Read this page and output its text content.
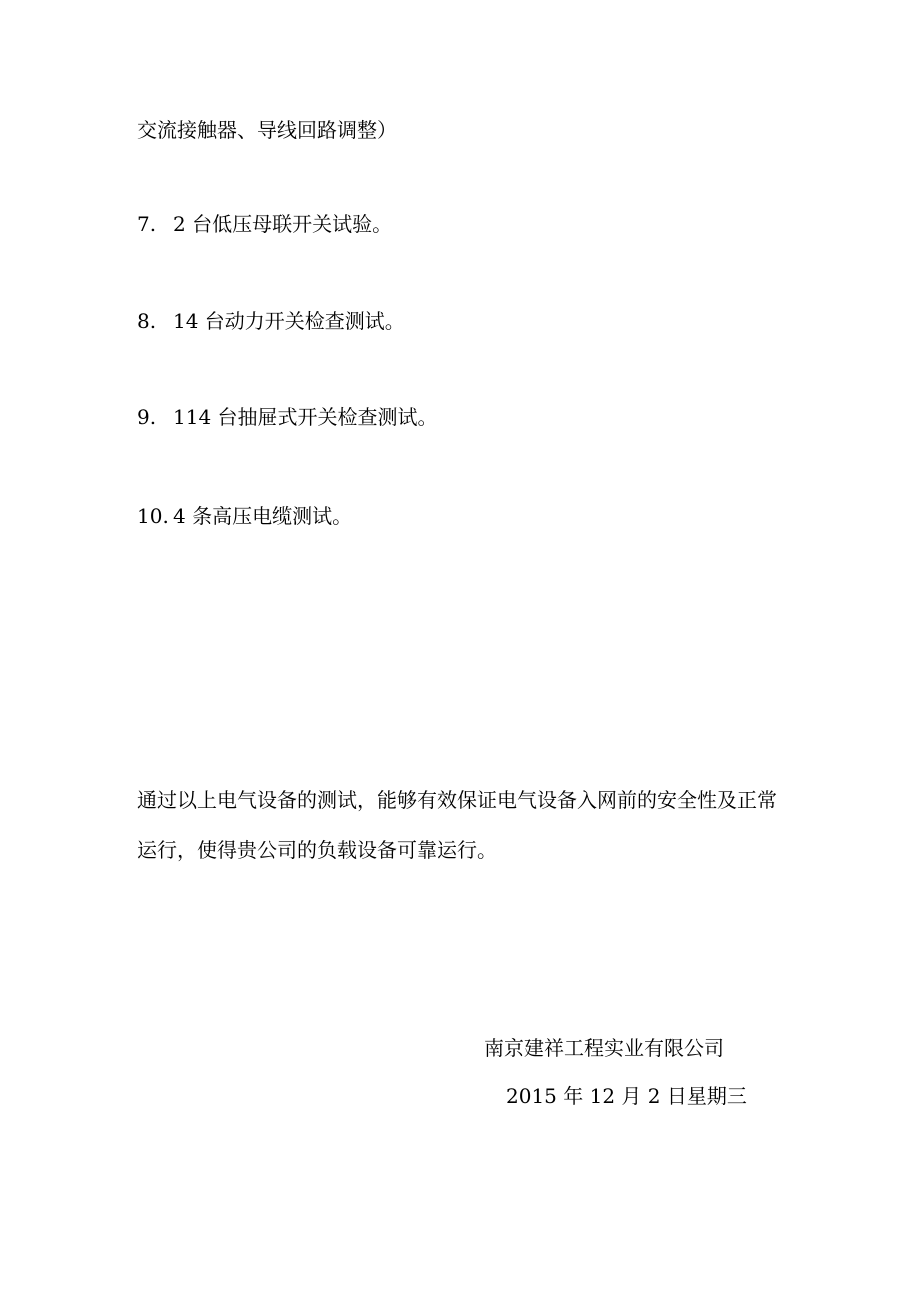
交流接触器、导线回路调整）
7. 2 台低压母联开关试验。
8. 14 台动力开关检查测试。
9. 114 台抽屉式开关检查测试。
10. 4 条高压电缆测试。
通过以上电气设备的测试，能够有效保证电气设备入网前的安全性及正常
运行，使得贵公司的负载设备可靠运行。
南京建祥工程实业有限公司
2015 年 12 月 2 日星期三
